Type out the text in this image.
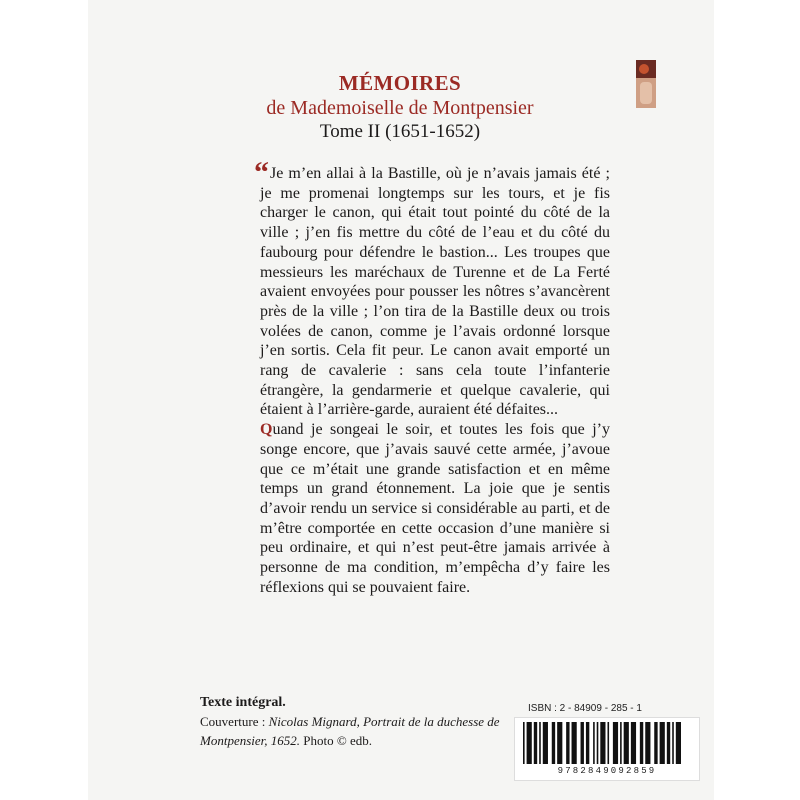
MÉMOIRES
de Mademoiselle de Montpensier
Tome II (1651-1652)
“ Je m’en allai à la Bastille, où je n’avais jamais été ; je me promenai longtemps sur les tours, et je fis charger le canon, qui était tout pointé du côté de la ville ; j’en fis mettre du côté de l’eau et du côté du faubourg pour défendre le bastion... Les troupes que messieurs les maréchaux de Turenne et de La Ferté avaient envoyées pour pousser les nôtres s’avancèrent près de la ville ; l’on tira de la Bastille deux ou trois volées de canon, comme je l’avais ordonné lorsque j’en sortis. Cela fit peur. Le canon avait emporté un rang de cavalerie : sans cela toute l’infanterie étrangère, la gendarmerie et quelque cavalerie, qui étaient à l’arrière-garde, auraient été défaites...

Quand je songeai le soir, et toutes les fois que j’y songe encore, que j’avais sauvé cette armée, j’avoue que ce m’était une grande satisfaction et en même temps un grand étonnement. La joie que je sentis d’avoir rendu un service si considérable au parti, et de m’être comportée en cette occasion d’une manière si peu ordinaire, et qui n’est peut-être jamais arrivée à personne de ma condition, m’empêcha d’y faire les réflexions qui se pouvaient faire.

Texte intégral.
Couverture : Nicolas Mignard, Portrait de la duchesse de Montpensier, 1652. Photo © edb.
ISBN : 2 - 84909 - 285 - 1
9782849092859
